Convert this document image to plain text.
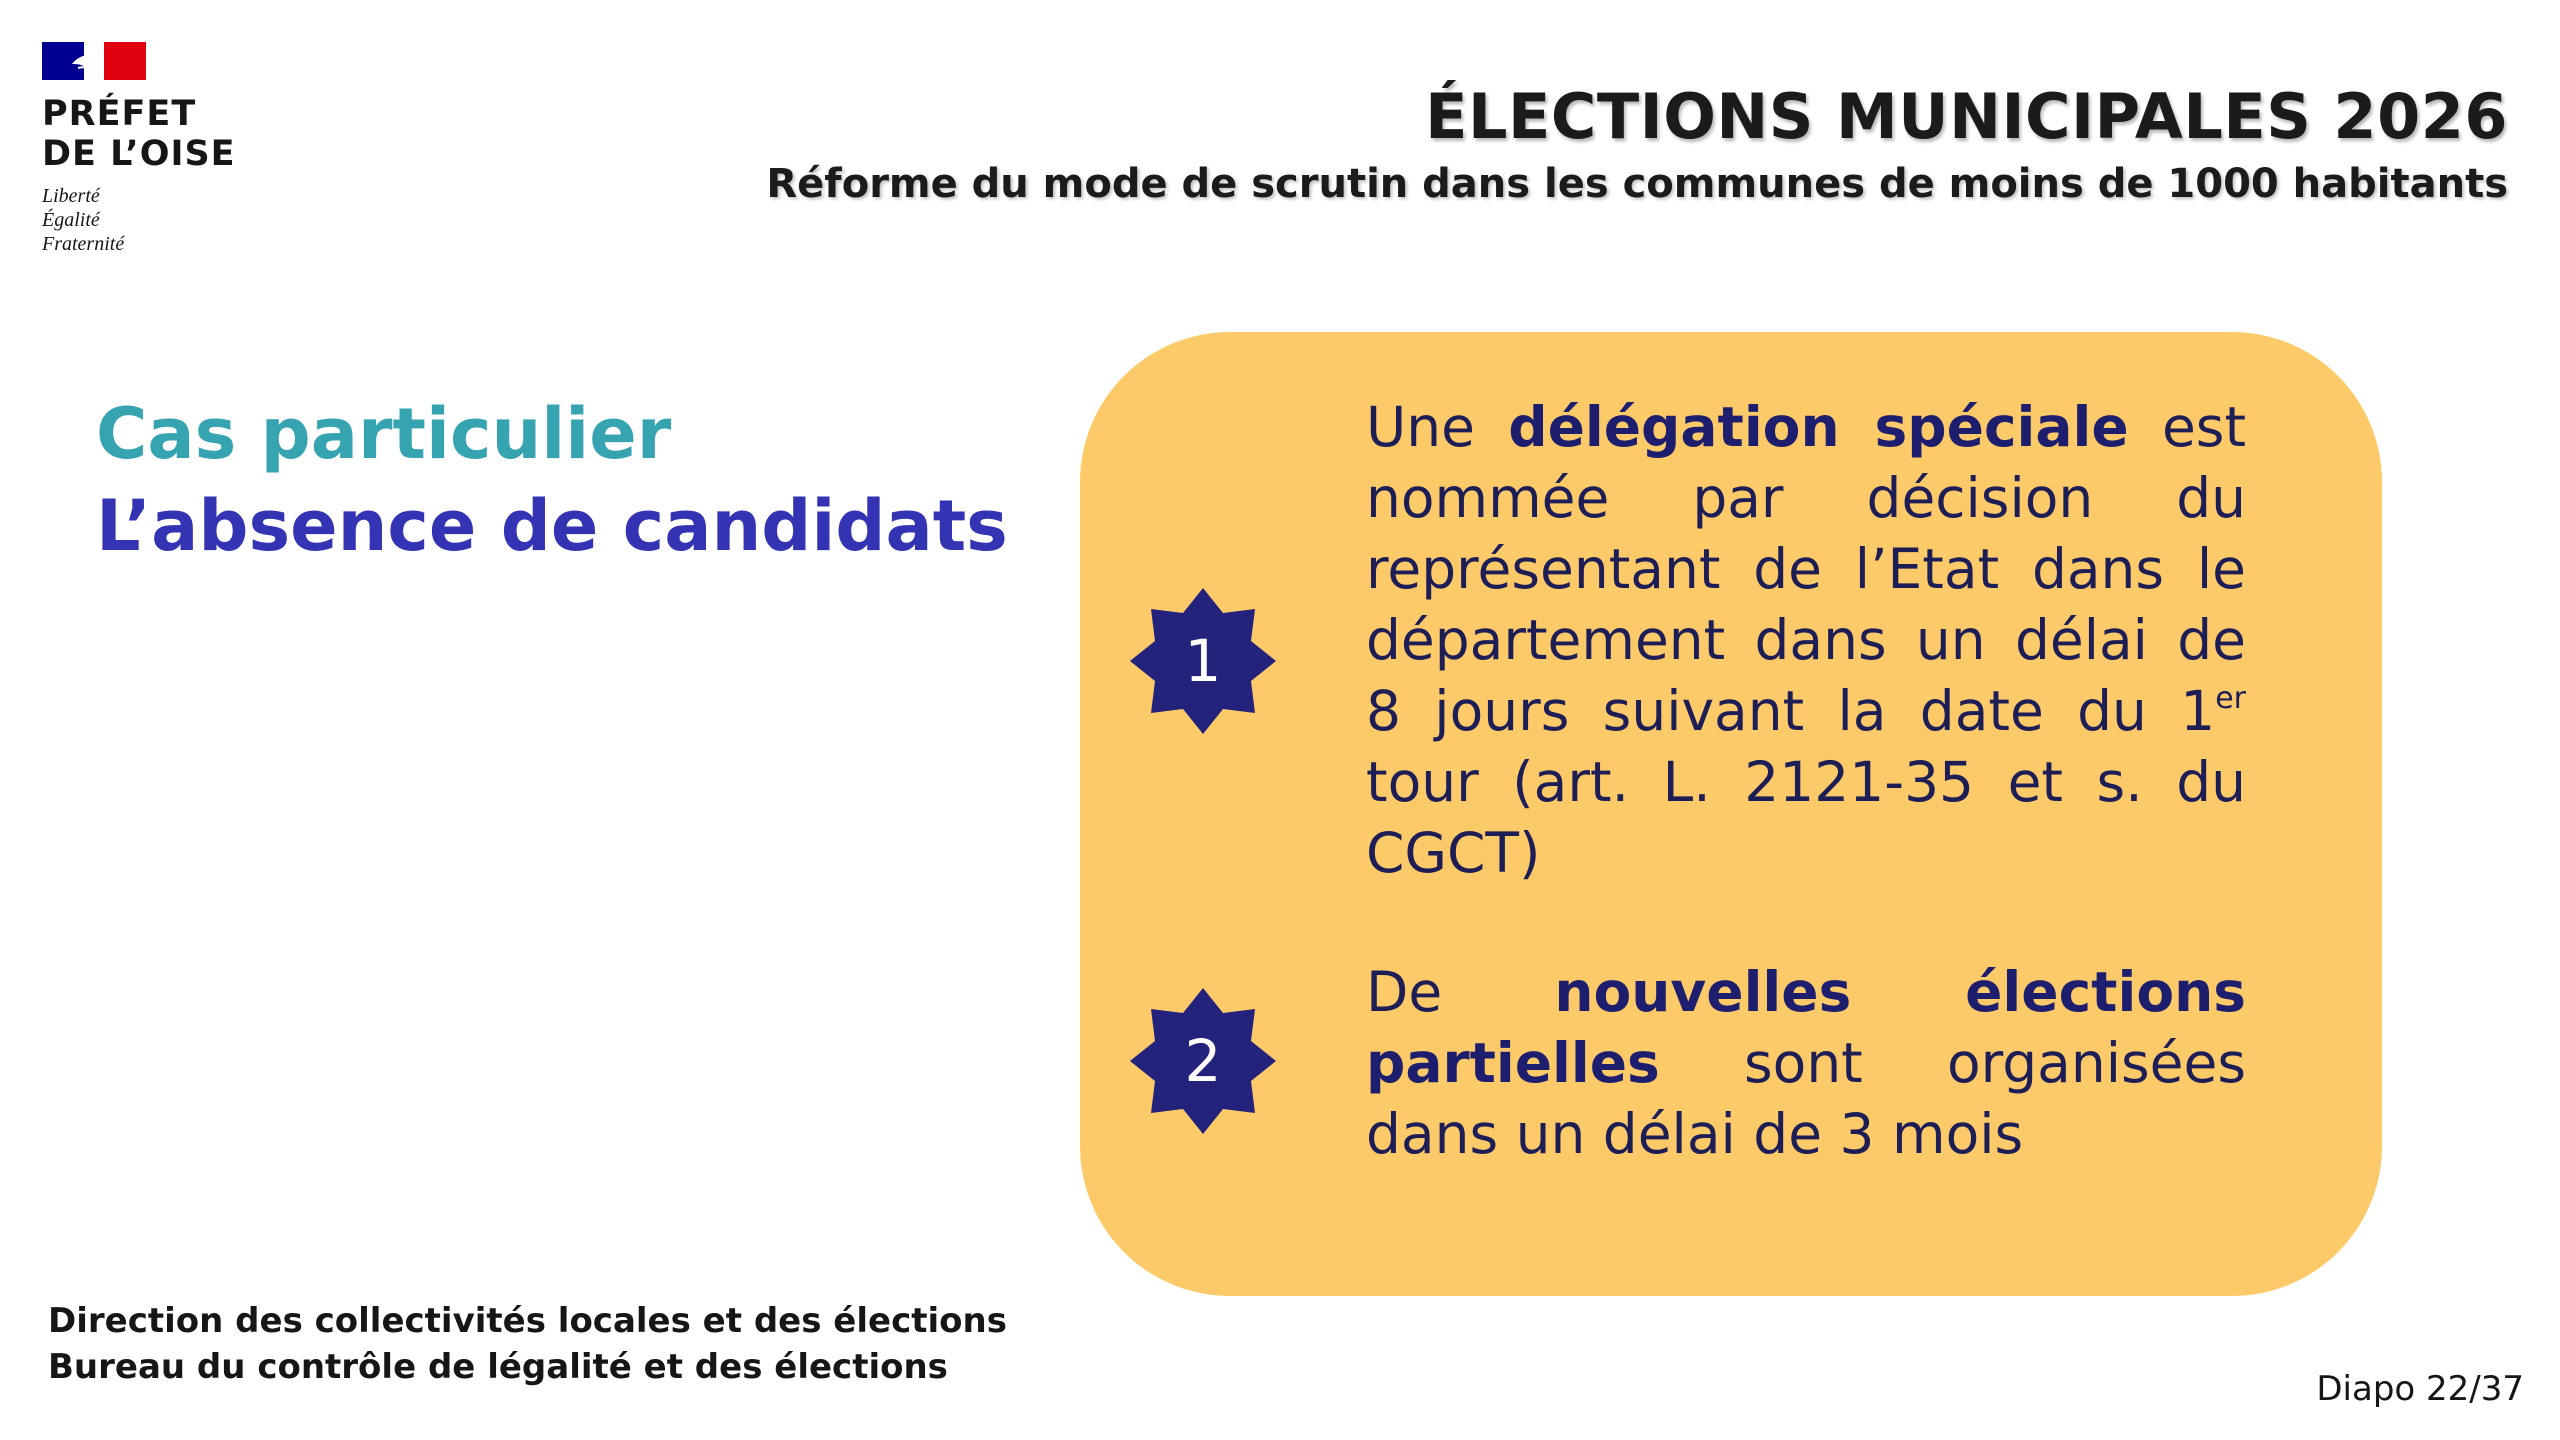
PRÉFET
DE L’OISE
Liberté
Égalité
Fraternité
ÉLECTIONS MUNICIPALES 2026
Réforme du mode de scrutin dans les communes de moins de 1000 habitants
Cas particulier
L’absence de candidats
1
Une délégation spéciale est nommée par décision du représentant de l’Etat dans le département dans un délai de 8 jours suivant la date du 1er tour (art. L. 2121-35 et s. du CGCT)
2
De nouvelles élections partielles sont organisées dans un délai de 3 mois
Direction des collectivités locales et des élections
Bureau du contrôle de légalité et des élections
Diapo 22/37
